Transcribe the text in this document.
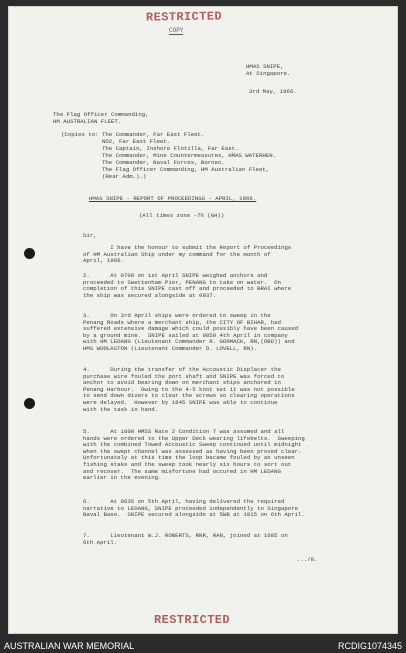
RESTRICTED
COPY
HMAS SNIPE,
At Singapore.
3rd May, 1966.
The Flag Officer Commanding,
HM AUSTRALIAN FLEET.
(Copies to: The Commander, Far East Fleet.
NO2, Far East Fleet.
The Captain, Inshore Flotilla, Far East.
The Commander, Mine Countermeasures, HMAS WATERHEN.
The Commander, Naval Forces, Borneo.
The Flag Officer Commanding, HM Australian Fleet,
(Rear Adm.).)
HMAS SNIPE - REPORT OF PROCEEDINGS - APRIL, 1966.
(All times zone -7½ (GH))
Sir,
I have the honour to submit the Report of Proceedings
of HM Australian Ship under my command for the month of
April, 1966.
2.      At 0700 on 1st April SNIPE weighed anchors and
proceeded to Swettenham Pier, PENANG to take on water.  On
completion of this SNIPE cast off and proceeded to BRAI where
the ship was secured alongside at 0937.
3.      On 3rd April ships were ordered to sweep in the
Penang Roads where a merchant ship, the CITY OF BIHAR, had
suffered extensive damage which could possibly have been caused
by a ground mine.  SNIPE sailed at 0850 4th April in company
with HM LEDANG (Lieutenant Commander R. GORMACK, RN,(OBD)) and
HMS WOOLASTON (Lieutenant Commander D. LOVELL, RN).
4.      During the transfer of the Accoustic Displacer the
purchase wire fouled the port shaft and SNIPE was forced to
anchor to avoid bearing down on merchant ships anchored in
Penang Harbour.  Owing to the 4-5 knot set it was not possible
to send down divers to clear the screws so clearing operations
were delayed.  However by 1845 SNIPE was able to continue
with the task in hand.
5.      At 1600 HMSS Rate 2 Condition 7 was assumed and all
hands were ordered to the Upper Deck wearing lifebelts.  Sweeping
with the combined Towed Accoustic Sweep continued until midnight
when the swept channel was assessed as having been proved clear.
Unfortunately at this time the loop became fouled by an unseen
fishing stake and the sweep took nearly six hours to sort out
and recover.  The same misfortune had occured in HM LEDANG
earlier in the evening.
6.      At 0635 on 5th April, having delivered the required
narrative to LEDANG, SNIPE proceeded independently to Singapore
Naval Base.  SNIPE secured alongside at 5WB at 1015 on 6th April.
7.      Lieutenant W.J. ROBERTS, RNR, RAN, joined at 1605 on
6th April.
.../8.
RESTRICTED
AUSTRALIAN WAR MEMORIAL	RCDIG1074345
